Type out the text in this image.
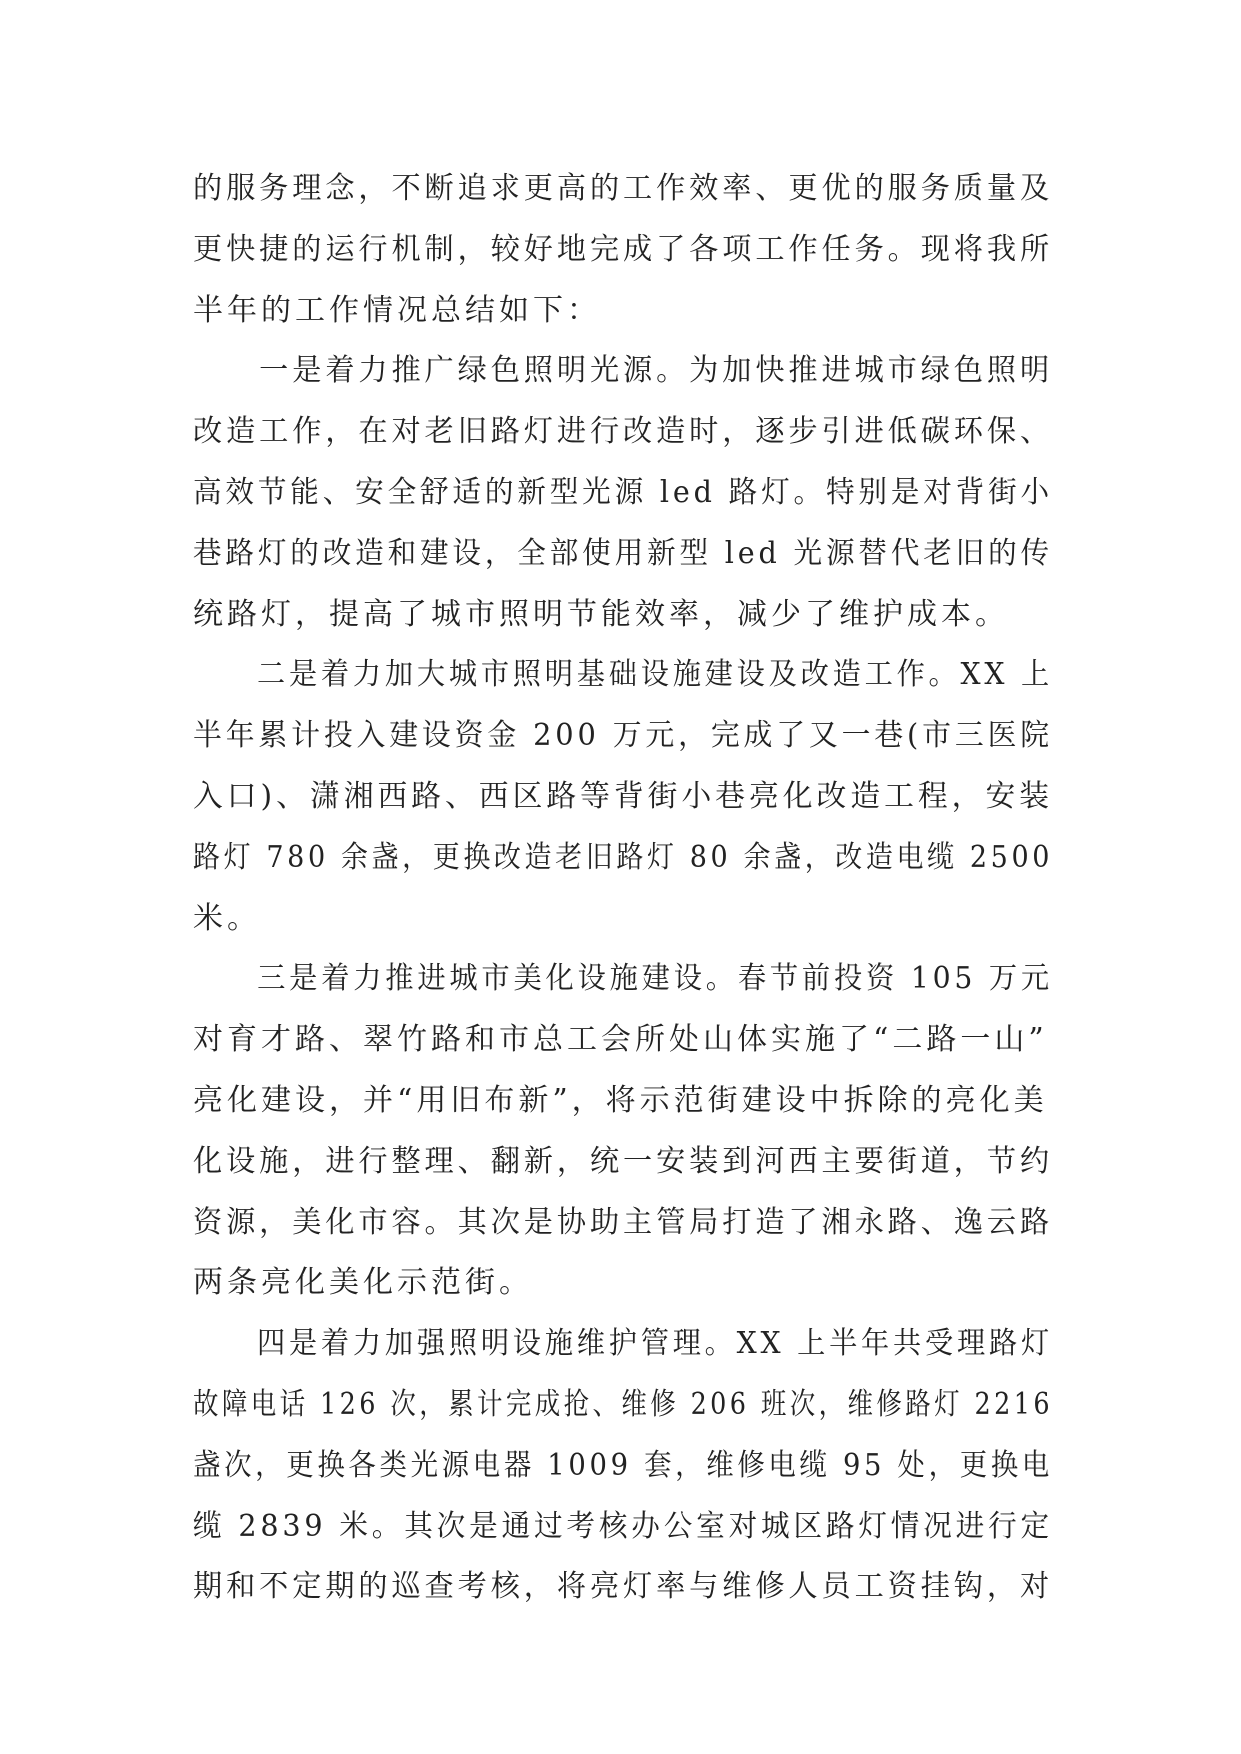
的服务理念，不断追求更高的工作效率、更优的服务质量及
更快捷的运行机制，较好地完成了各项工作任务。现将我所
半年的工作情况总结如下：
一是着力推广绿色照明光源。为加快推进城市绿色照明
改造工作，在对老旧路灯进行改造时，逐步引进低碳环保、
高效节能、安全舒适的新型光源 led 路灯。特别是对背街小
巷路灯的改造和建设，全部使用新型 led 光源替代老旧的传
统路灯，提高了城市照明节能效率，减少了维护成本。
二是着力加大城市照明基础设施建设及改造工作。XX 上
半年累计投入建设资金 200 万元，完成了又一巷(市三医院
入口)、潇湘西路、西区路等背街小巷亮化改造工程，安装
路灯 780 余盏，更换改造老旧路灯 80 余盏，改造电缆 2500
米。
三是着力推进城市美化设施建设。春节前投资 105 万元
对育才路、翠竹路和市总工会所处山体实施了“二路一山”
亮化建设，并“用旧布新”，将示范街建设中拆除的亮化美
化设施，进行整理、翻新，统一安装到河西主要街道，节约
资源，美化市容。其次是协助主管局打造了湘永路、逸云路
两条亮化美化示范街。
四是着力加强照明设施维护管理。XX 上半年共受理路灯
故障电话 126 次，累计完成抢、维修 206 班次，维修路灯 2216
盏次，更换各类光源电器 1009 套，维修电缆 95 处，更换电
缆 2839 米。其次是通过考核办公室对城区路灯情况进行定
期和不定期的巡查考核，将亮灯率与维修人员工资挂钩，对
